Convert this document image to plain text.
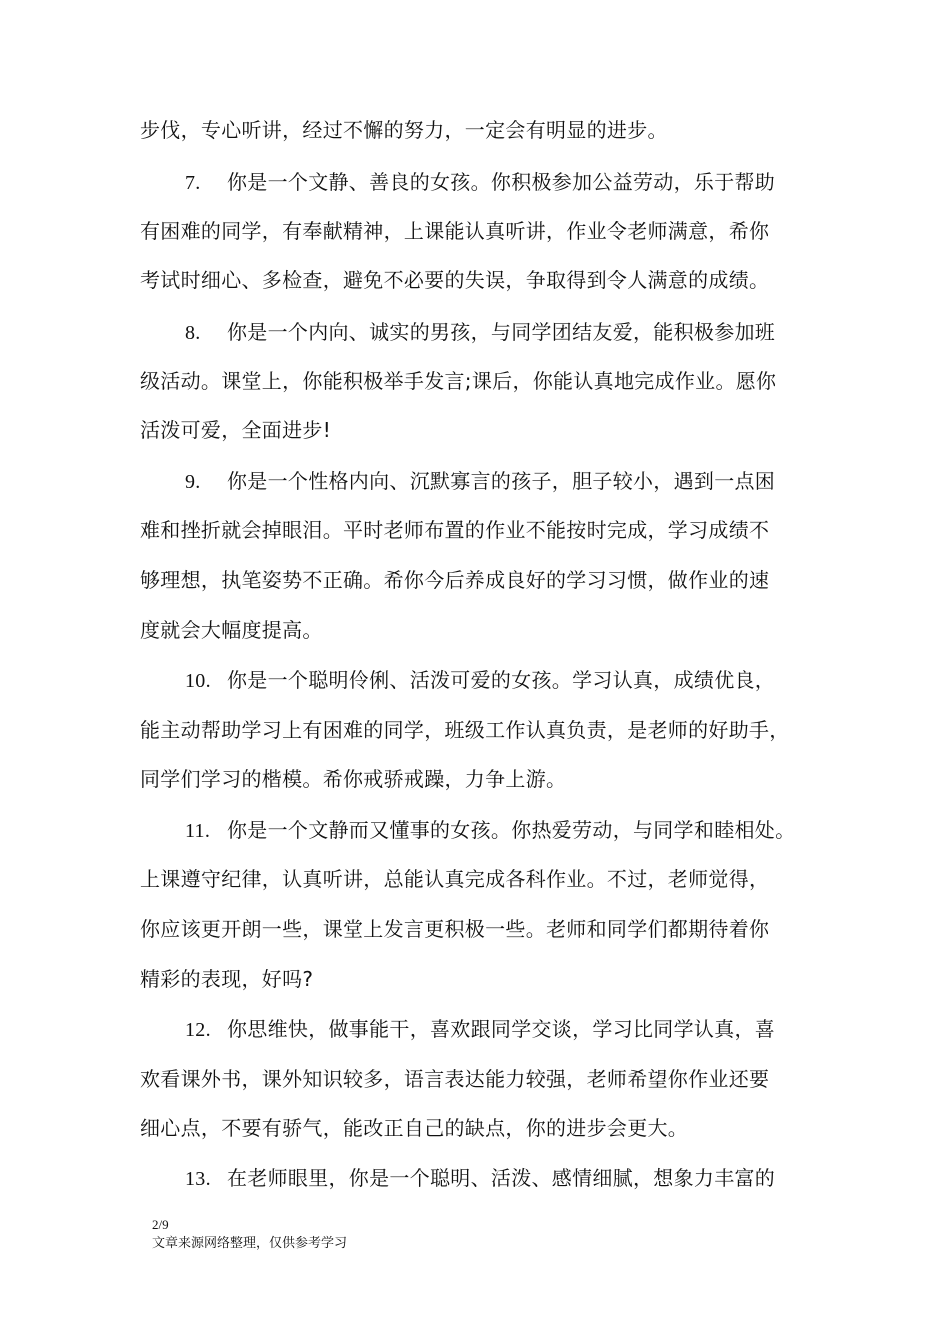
步伐，专心听讲，经过不懈的努力，一定会有明显的进步。
7. 你是一个文静、善良的女孩。你积极参加公益劳动，乐于帮助
有困难的同学，有奉献精神，上课能认真听讲，作业令老师满意，希你
考试时细心、多检查，避免不必要的失误，争取得到令人满意的成绩。
8. 你是一个内向、诚实的男孩，与同学团结友爱，能积极参加班
级活动。课堂上，你能积极举手发言;课后，你能认真地完成作业。愿你
活泼可爱，全面进步!
9. 你是一个性格内向、沉默寡言的孩子，胆子较小，遇到一点困
难和挫折就会掉眼泪。平时老师布置的作业不能按时完成，学习成绩不
够理想，执笔姿势不正确。希你今后养成良好的学习习惯，做作业的速
度就会大幅度提高。
10. 你是一个聪明伶俐、活泼可爱的女孩。学习认真，成绩优良，
能主动帮助学习上有困难的同学，班级工作认真负责，是老师的好助手，
同学们学习的楷模。希你戒骄戒躁，力争上游。
11. 你是一个文静而又懂事的女孩。你热爱劳动，与同学和睦相处。
上课遵守纪律，认真听讲，总能认真完成各科作业。不过，老师觉得，
你应该更开朗一些，课堂上发言更积极一些。老师和同学们都期待着你
精彩的表现，好吗?
12. 你思维快，做事能干，喜欢跟同学交谈，学习比同学认真，喜
欢看课外书，课外知识较多，语言表达能力较强，老师希望你作业还要
细心点，不要有骄气，能改正自己的缺点，你的进步会更大。
13. 在老师眼里，你是一个聪明、活泼、感情细腻，想象力丰富的
2/9
文章来源网络整理，仅供参考学习
